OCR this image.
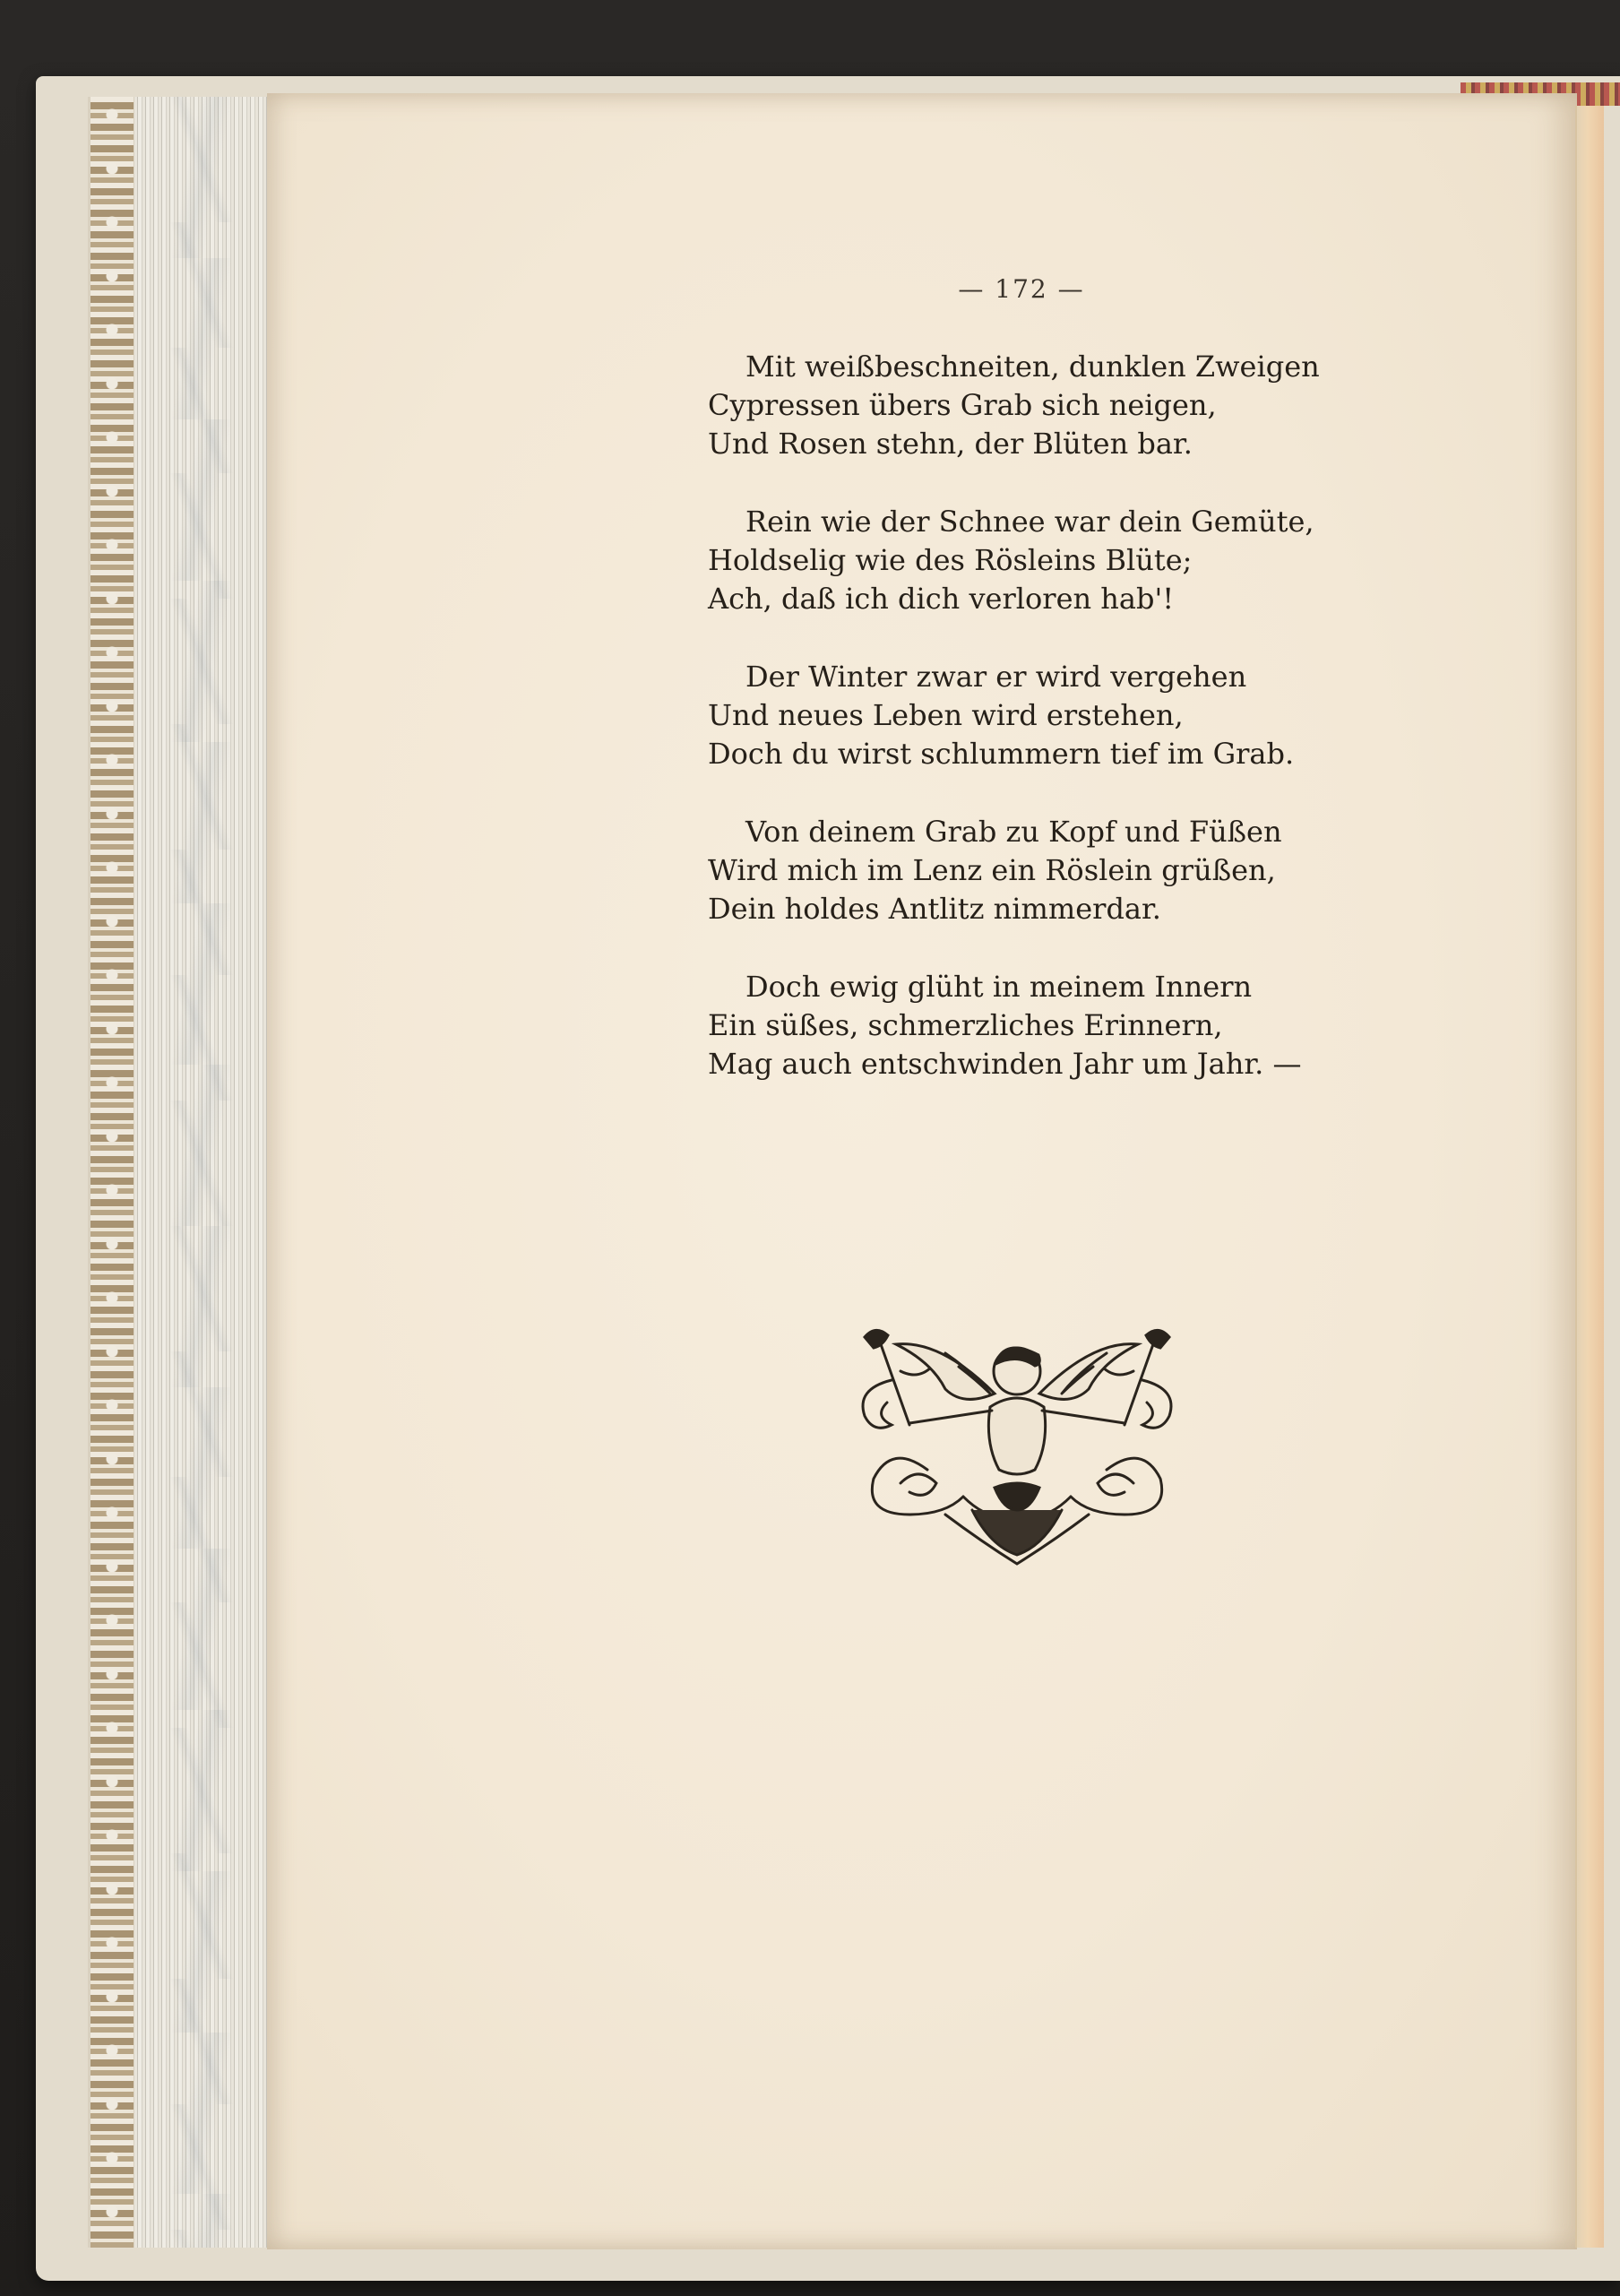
— 172 —
Mit weißbeschneiten, dunklen Zweigen
Cypressen übers Grab sich neigen,
Und Rosen stehn, der Blüten bar.
Rein wie der Schnee war dein Gemüte,
Holdselig wie des Rösleins Blüte;
Ach, daß ich dich verloren hab'!
Der Winter zwar er wird vergehen
Und neues Leben wird erstehen,
Doch du wirst schlummern tief im Grab.
Von deinem Grab zu Kopf und Füßen
Wird mich im Lenz ein Röslein grüßen,
Dein holdes Antlitz nimmerdar.
Doch ewig glüht in meinem Innern
Ein süßes, schmerzliches Erinnern,
Mag auch entschwinden Jahr um Jahr. —
